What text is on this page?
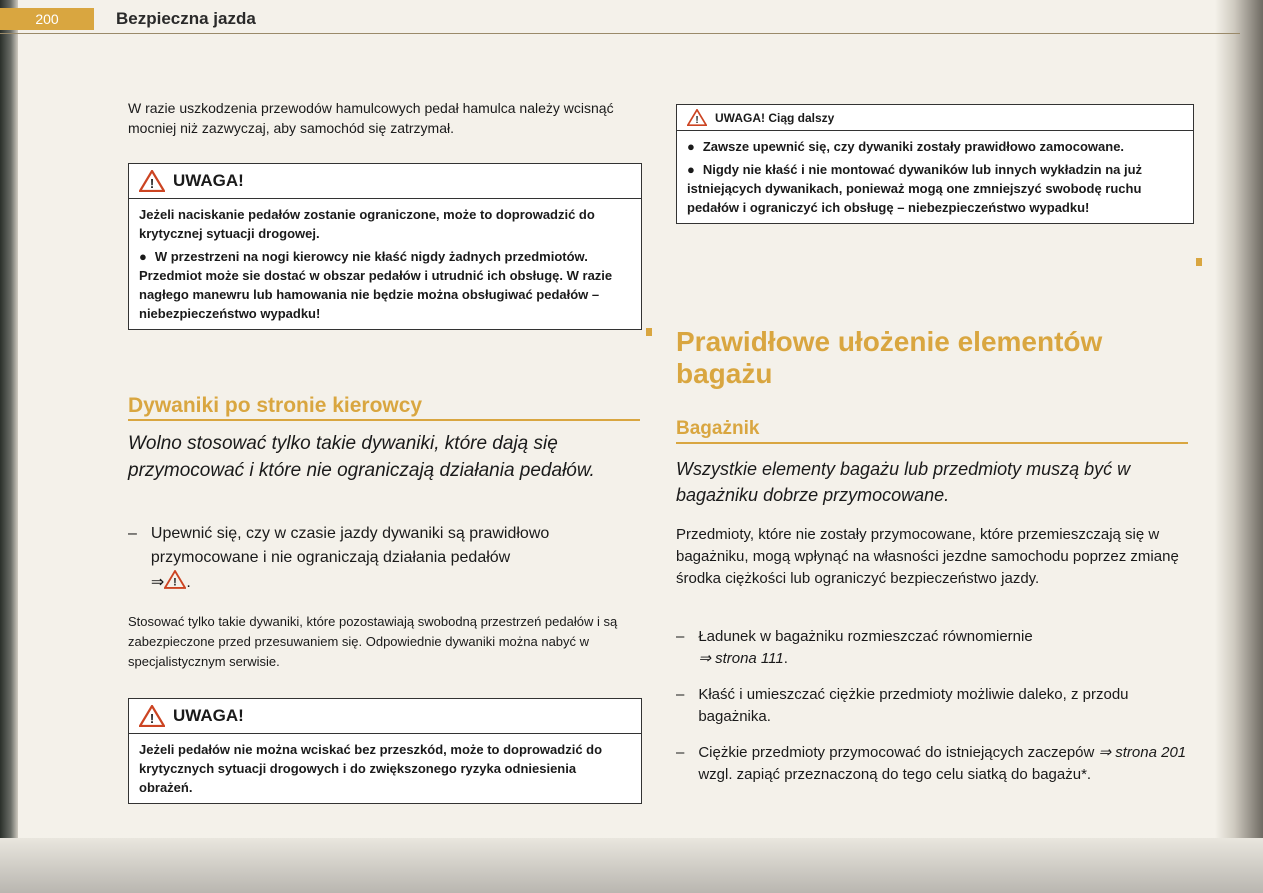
200	Bezpieczna jazda
W razie uszkodzenia przewodów hamulcowych pedał hamulca należy wcisnąć mocniej niż zazwyczaj, aby samochód się zatrzymał.
! UWAGA!

Jeżeli naciskanie pedałów zostanie ograniczone, może to doprowadzić do krytycznej sytuacji drogowej.

● W przestrzeni na nogi kierowcy nie kłaść nigdy żadnych przedmiotów. Przedmiot może sie dostać w obszar pedałów i utrudnić ich obsługę. W razie nagłego manewru lub hamowania nie będzie można obsługiwać pedałów – niebezpieczeństwo wypadku!

Dywaniki po stronie kierowcy
Wolno stosować tylko takie dywaniki, które dają się przymocować i które nie ograniczają działania pedałów.
– Upewnić się, czy w czasie jazdy dywaniki są prawidłowo przymocowane i nie ograniczają działania pedałów
⇒ ! .
Stosować tylko takie dywaniki, które pozostawiają swobodną przestrzeń pedałów i są zabezpieczone przed przesuwaniem się. Odpowiednie dywaniki można nabyć w specjalistycznym serwisie.
! UWAGA!

Jeżeli pedałów nie można wciskać bez przeszkód, może to doprowadzić do krytycznych sytuacji drogowych i do zwiększonego ryzyka odniesienia obrażeń.

! UWAGA! Ciąg dalszy

● Zawsze upewnić się, czy dywaniki zostały prawidłowo zamocowane.

● Nigdy nie kłaść i nie montować dywaników lub innych wykładzin na już istniejących dywanikach, ponieważ mogą one zmniejszyć swobodę ruchu pedałów i ograniczyć ich obsługę – niebezpieczeństwo wypadku!

Prawidłowe ułożenie elementów bagażu
Bagażnik
Wszystkie elementy bagażu lub przedmioty muszą być w bagażniku dobrze przymocowane.
Przedmioty, które nie zostały przymocowane, które przemieszczają się w bagażniku, mogą wpłynąć na własności jezdne samochodu poprzez zmianę środka ciężkości lub ograniczyć bezpieczeństwo jazdy.
– Ładunek w bagażniku rozmieszczać równomiernie
⇒ strona 111.
– Kłaść i umieszczać ciężkie przedmioty możliwie daleko, z przodu bagażnika.
– Ciężkie przedmioty przymocować do istniejących zaczepów ⇒ strona 201 wzgl. zapiąć przeznaczoną do tego celu siatką do bagażu*.
